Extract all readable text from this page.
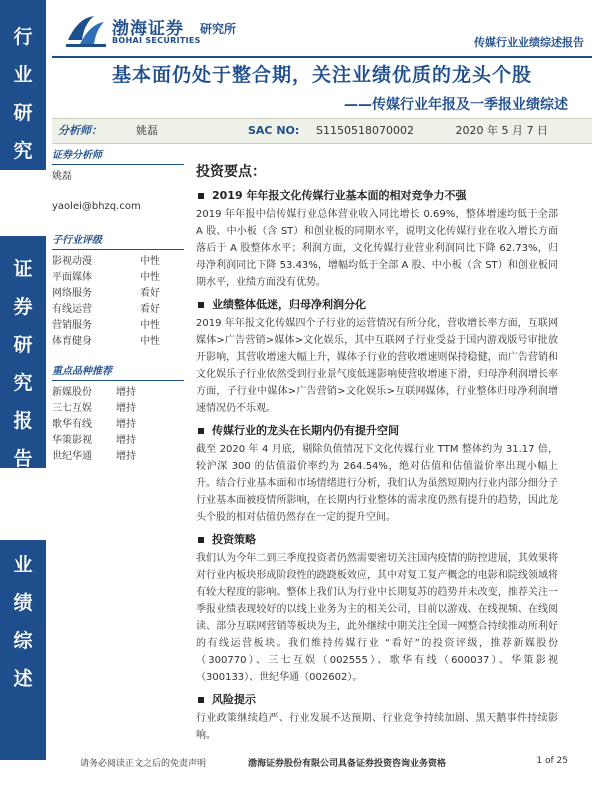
行
业
研
究
证
券
研
究
报
告
业
绩
综
述
渤海证券
BOHAI SECURITIES
研究所
传媒行业业绩综述报告
基本面仍处于整合期，关注业绩优质的龙头个股
——传媒行业年报及一季报业绩综述
分析师：	姚磊	SAC NO: S1150518070002	2020 年 5 月 7 日
证券分析师
姚磊
yaolei@bhzq.com
子行业评级
影视动漫	中性
平面媒体	中性
网络服务	看好
有线运营	看好
营销服务	中性
体育健身	中性
重点品种推荐
新媒股份	增持
三七互娱	增持
歌华有线	增持
华策影视	增持
世纪华通	增持
投资要点：
2019 年年报文化传媒行业基本面的相对竞争力不强
2019 年年报中信传媒行业总体营业收入同比增长 0.69%，整体增速均低于全部 A 股、中小板（含 ST）和创业板的同期水平，说明文化传媒行业在收入增长方面落后于 A 股整体水平；利润方面，文化传媒行业营业利润同比下降 62.73%，归母净利润同比下降 53.43%，增幅均低于全部 A 股、中小板（含 ST）和创业板同期水平，业绩方面没有优势。
业绩整体低迷，归母净利润分化
2019 年年报文化传媒四个子行业的运营情况有所分化，营收增长率方面，互联网媒体>广告营销>媒体>文化娱乐，其中互联网子行业受益于国内游戏版号审批放开影响，其营收增速大幅上升，媒体子行业的营收增速则保持稳健，而广告营销和文化娱乐子行业依然受到行业景气度低迷影响使营收增速下滑，归母净利润增长率方面，子行业中媒体>广告营销>文化娱乐>互联网媒体，行业整体归母净利润增速情况仍不乐观。
传媒行业的龙头在长期内仍有提升空间
截至 2020 年 4 月底，剔除负值情况下文化传媒行业 TTM 整体约为 31.17 倍，较沪深 300 的估值溢价率约为 264.54%，绝对估值和估值溢价率出现小幅上升。结合行业基本面和市场情绪进行分析，我们认为虽然短期内行业内部分细分子行业基本面被疫情所影响，在长期内行业整体的需求度仍然有提升的趋势，因此龙头个股的相对估值仍然存在一定的提升空间。
投资策略
我们认为今年二到三季度投资者仍然需要密切关注国内疫情的防控进展，其效果将对行业内板块形成阶段性的跷跷板效应，其中对复工复产概念的电影和院线领域将有较大程度的影响。整体上我们认为行业中长期复苏的趋势并未改变，推荐关注一季报业绩表现较好的以线上业务为主的相关公司，目前以游戏、在线视频、在线阅读、部分互联网营销等板块为主，此外继续中期关注全国一网整合持续推动所利好的有线运营板块。我们维持传媒行业 “看好”的投资评级，推荐新媒股份（300770）、三七互娱（002555）、歌华有线（600037）、华策影视（300133）、世纪华通（002602）。
风险提示
行业政策继续趋严、行业发展不达预期、行业竞争持续加剧、黑天鹅事件持续影响。
请务必阅读正文之后的免责声明	渤海证券股份有限公司具备证券投资咨询业务资格	1 of 25
